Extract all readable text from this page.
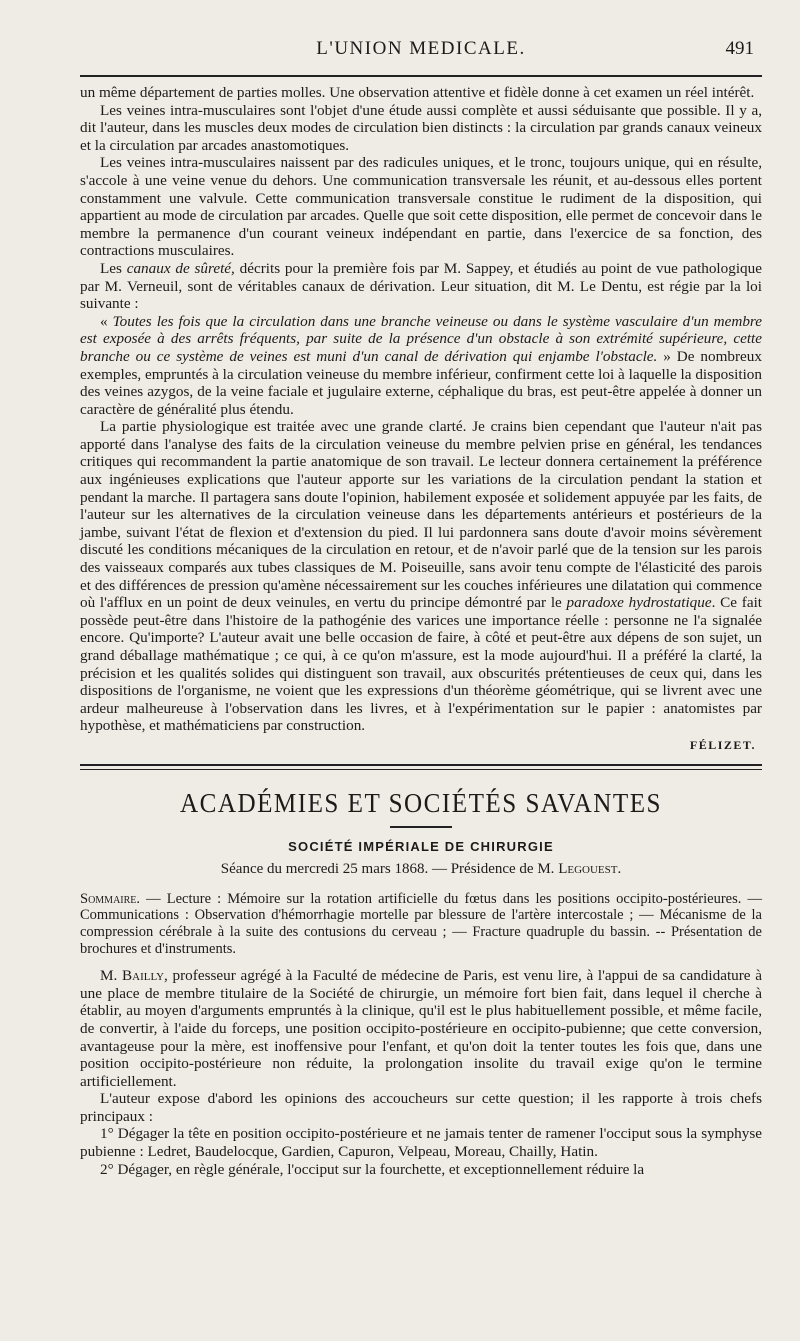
L'UNION MEDICALE.	491

un même département de parties molles. Une observation attentive et fidèle donne à cet examen un réel intérêt.

Les veines intra-musculaires sont l'objet d'une étude aussi complète et aussi séduisante que possible. Il y a, dit l'auteur, dans les muscles deux modes de circulation bien distincts : la circulation par grands canaux veineux et la circulation par arcades anastomotiques.

Les veines intra-musculaires naissent par des radicules uniques, et le tronc, toujours unique, qui en résulte, s'accole à une veine venue du dehors. Une communication transversale les réunit, et au-dessous elles portent constamment une valvule. Cette communication transversale constitue le rudiment de la disposition, qui appartient au mode de circulation par arcades. Quelle que soit cette disposition, elle permet de concevoir dans le membre la permanence d'un courant veineux indépendant en partie, dans l'exercice de sa fonction, des contractions musculaires.

Les canaux de sûreté, décrits pour la première fois par M. Sappey, et étudiés au point de vue pathologique par M. Verneuil, sont de véritables canaux de dérivation. Leur situation, dit M. Le Dentu, est régie par la loi suivante :

« Toutes les fois que la circulation dans une branche veineuse ou dans le système vasculaire d'un membre est exposée à des arrêts fréquents, par suite de la présence d'un obstacle à son extrémité supérieure, cette branche ou ce système de veines est muni d'un canal de dérivation qui enjambe l'obstacle. » De nombreux exemples, empruntés à la circulation veineuse du membre inférieur, confirment cette loi à laquelle la disposition des veines azygos, de la veine faciale et jugulaire externe, céphalique du bras, est peut-être appelée à donner un caractère de généralité plus étendu.

La partie physiologique est traitée avec une grande clarté. Je crains bien cependant que l'auteur n'ait pas apporté dans l'analyse des faits de la circulation veineuse du membre pelvien prise en général, les tendances critiques qui recommandent la partie anatomique de son travail. Le lecteur donnera certainement la préférence aux ingénieuses explications que l'auteur apporte sur les variations de la circulation pendant la station et pendant la marche. Il partagera sans doute l'opinion, habilement exposée et solidement appuyée par les faits, de l'auteur sur les alternatives de la circulation veineuse dans les départements antérieurs et postérieurs de la jambe, suivant l'état de flexion et d'extension du pied. Il lui pardonnera sans doute d'avoir moins sévèrement discuté les conditions mécaniques de la circulation en retour, et de n'avoir parlé que de la tension sur les parois des vaisseaux comparés aux tubes classiques de M. Poiseuille, sans avoir tenu compte de l'élasticité des parois et des différences de pression qu'amène nécessairement sur les couches inférieures une dilatation qui commence où l'afflux en un point de deux veinules, en vertu du principe démontré par le paradoxe hydrostatique. Ce fait possède peut-être dans l'histoire de la pathogénie des varices une importance réelle : personne ne l'a signalée encore. Qu'importe? L'auteur avait une belle occasion de faire, à côté et peut-être aux dépens de son sujet, un grand déballage mathématique ; ce qui, à ce qu'on m'assure, est la mode aujourd'hui. Il a préféré la clarté, la précision et les qualités solides qui distinguent son travail, aux obscurités prétentieuses de ceux qui, dans les dispositions de l'organisme, ne voient que les expressions d'un théorème géométrique, qui se livrent avec une ardeur malheureuse à l'observation dans les livres, et à l'expérimentation sur le papier : anatomistes par hypothèse, et mathématiciens par construction.

FÉLIZET.
ACADÉMIES ET SOCIÉTÉS SAVANTES
SOCIÉTÉ IMPÉRIALE DE CHIRURGIE
Séance du mercredi 25 mars 1868. — Présidence de M. Legouest.

Sommaire. — Lecture : Mémoire sur la rotation artificielle du fœtus dans les positions occipito-postérieures. — Communications : Observation d'hémorrhagie mortelle par blessure de l'artère intercostale ; — Mécanisme de la compression cérébrale à la suite des contusions du cerveau ; — Fracture quadruple du bassin. -- Présentation de brochures et d'instruments.

M. Bailly, professeur agrégé à la Faculté de médecine de Paris, est venu lire, à l'appui de sa candidature à une place de membre titulaire de la Société de chirurgie, un mémoire fort bien fait, dans lequel il cherche à établir, au moyen d'arguments empruntés à la clinique, qu'il est le plus habituellement possible, et même facile, de convertir, à l'aide du forceps, une position occipito-postérieure en occipito-pubienne; que cette conversion, avantageuse pour la mère, est inoffensive pour l'enfant, et qu'on doit la tenter toutes les fois que, dans une position occipito-postérieure non réduite, la prolongation insolite du travail exige qu'on le termine artificiellement.

L'auteur expose d'abord les opinions des accoucheurs sur cette question; il les rapporte à trois chefs principaux :

1° Dégager la tête en position occipito-postérieure et ne jamais tenter de ramener l'occiput sous la symphyse pubienne : Ledret, Baudelocque, Gardien, Capuron, Velpeau, Moreau, Chailly, Hatin.

2° Dégager, en règle générale, l'occiput sur la fourchette, et exceptionnellement réduire la
